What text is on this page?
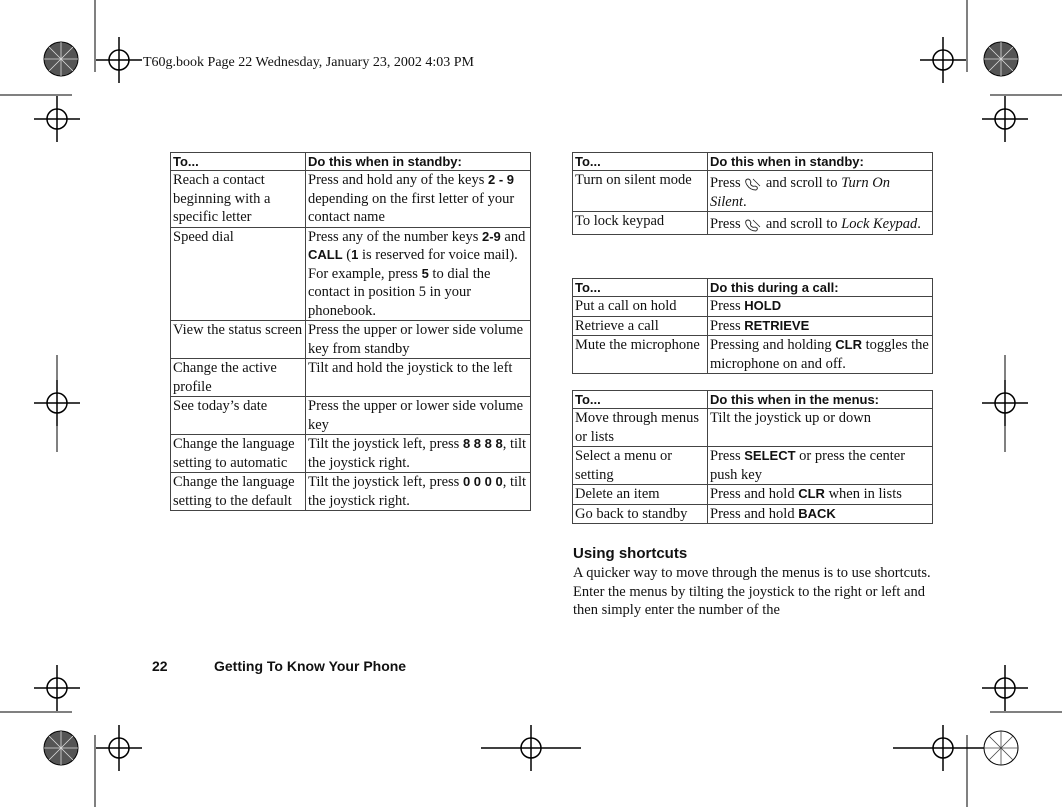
T60g.book Page 22 Wednesday, January 23, 2002 4:03 PM
To...	Do this when in standby:
Reach a contact beginning with a specific letter	Press and hold any of the keys 2 - 9 depending on the first letter of your contact name
Speed dial	Press any of the number keys 2-9 and CALL (1 is reserved for voice mail). For example, press 5 to dial the contact in position 5 in your phonebook.
View the status screen	Press the upper or lower side volume key from standby
Change the active profile	Tilt and hold the joystick to the left
See today’s date	Press the upper or lower side volume key
Change the language setting to automatic	Tilt the joystick left, press 8 8 8 8, tilt the joystick right.
Change the language setting to the default	Tilt the joystick left, press 0 0 0 0, tilt the joystick right.
To...	Do this when in standby:
Turn on silent mode	Press  and scroll to Turn On Silent.
To lock keypad	Press  and scroll to Lock Keypad.
To...	Do this during a call:
Put a call on hold	Press HOLD
Retrieve a call	Press RETRIEVE
Mute the microphone	Pressing and holding CLR toggles the microphone on and off.
To...	Do this when in the menus:
Move through menus or lists	Tilt the joystick up or down
Select a menu or setting	Press SELECT or press the center push key
Delete an item	Press and hold CLR when in lists
Go back to standby	Press and hold BACK
Using shortcuts
A quicker way to move through the menus is to use shortcuts. Enter the menus by tilting the joystick to the right or left and then simply enter the number of the
22	Getting To Know Your Phone
